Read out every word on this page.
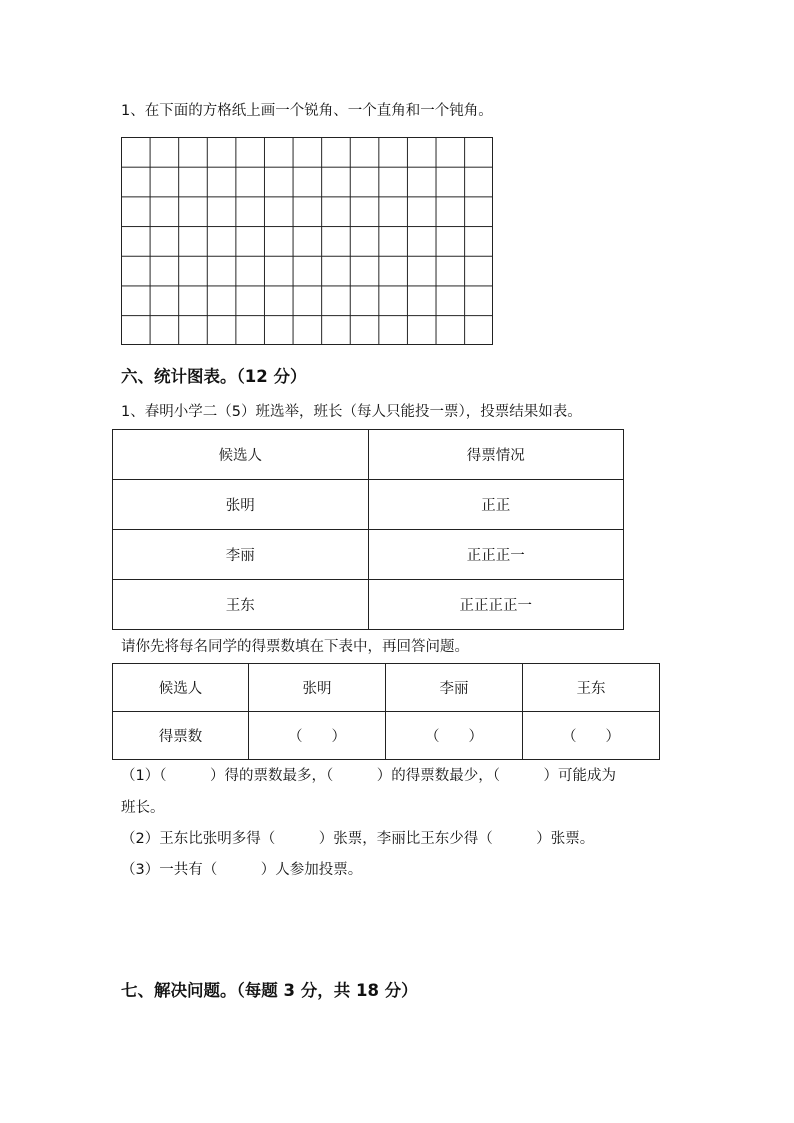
1、在下面的方格纸上画一个锐角、一个直角和一个钝角。
六、统计图表。（12 分）
1、春明小学二（5）班选举，班长（每人只能投一票），投票结果如表。
候选人	得票情况
张明	正正
李丽	正正正一
王东	正正正正一
请你先将每名同学的得票数填在下表中，再回答问题。
候选人	张明	李丽	王东
得票数	（　　）	（　　）	（　　）
（1）（　　　）得的票数最多，（　　　）的得票数最少，（　　　）可能成为
班长。
（2）王东比张明多得（　　　）张票，李丽比王东少得（　　　）张票。
（3）一共有（　　　）人参加投票。
七、解决问题。（每题 3 分，共 18 分）
